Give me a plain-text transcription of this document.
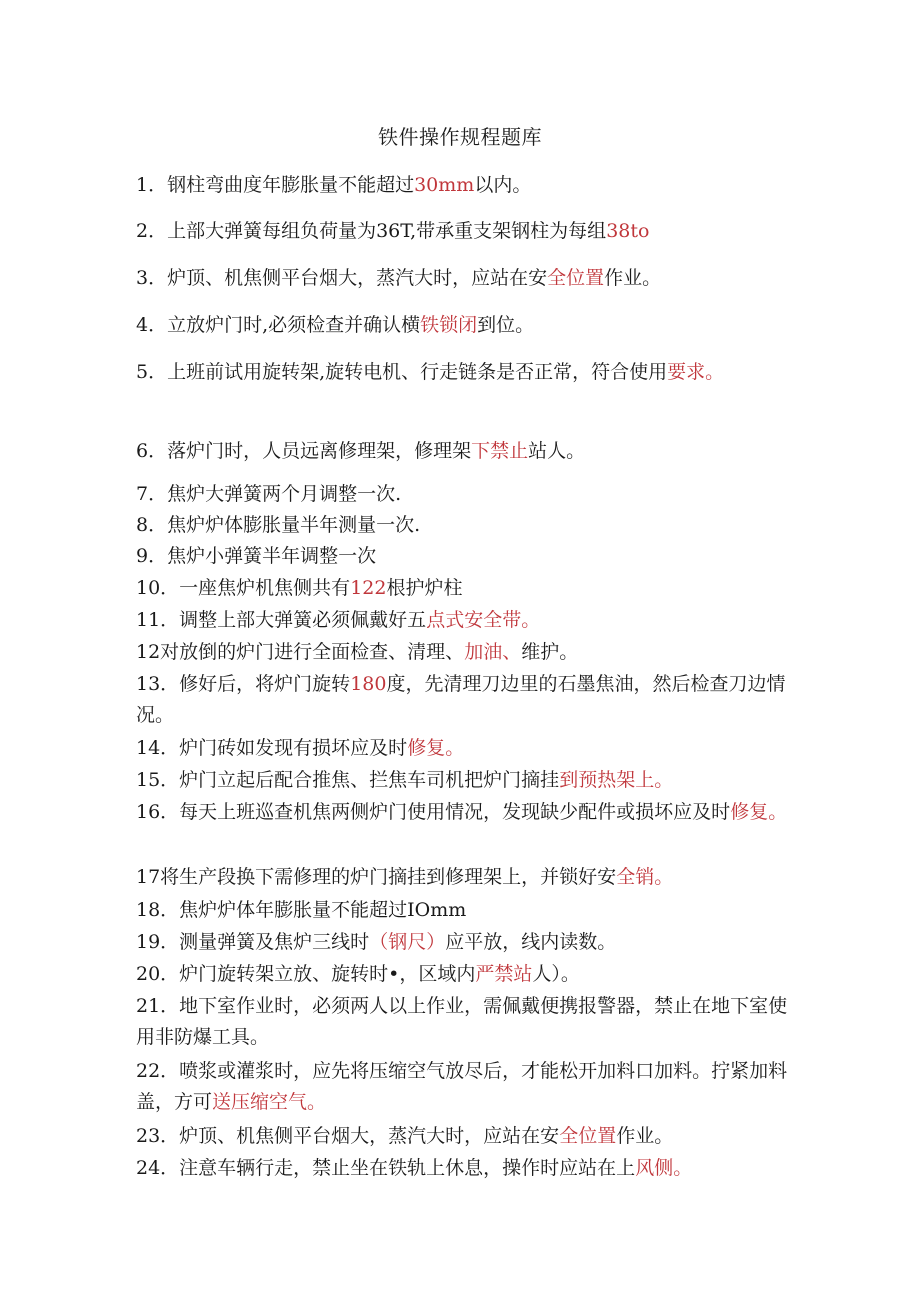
铁件操作规程题库
1．钢柱弯曲度年膨胀量不能超过30mm以内。
2．上部大弹簧每组负荷量为36T,带承重支架钢柱为每组38to
3．炉顶、机焦侧平台烟大，蒸汽大时，应站在安全位置作业。
4．立放炉门时,必须检查并确认横铁锁闭到位。
5．上班前试用旋转架,旋转电机、行走链条是否正常，符合使用要求。
6．落炉门时，人员远离修理架，修理架下禁止站人。
7．焦炉大弹簧两个月调整一次.
8．焦炉炉体膨胀量半年测量一次.
9．焦炉小弹簧半年调整一次
10．一座焦炉机焦侧共有122根护炉柱
11．调整上部大弹簧必须佩戴好五点式安全带。
12对放倒的炉门进行全面检查、清理、加油、维护。
13．修好后，将炉门旋转180度，先清理刀边里的石墨焦油，然后检查刀边情况。
14．炉门砖如发现有损坏应及时修复。
15．炉门立起后配合推焦、拦焦车司机把炉门摘挂到预热架上。
16．每天上班巡查机焦两侧炉门使用情况，发现缺少配件或损坏应及时修复。
17将生产段换下需修理的炉门摘挂到修理架上，并锁好安全销。
18．焦炉炉体年膨胀量不能超过IOmm
19．测量弹簧及焦炉三线时（钢尺）应平放，线内读数。
20．炉门旋转架立放、旋转时•，区域内严禁站人）。
21．地下室作业时，必须两人以上作业，需佩戴便携报警器，禁止在地下室使用非防爆工具。
22．喷浆或灌浆时，应先将压缩空气放尽后，才能松开加料口加料。拧紧加料盖，方可送压缩空气。
23．炉顶、机焦侧平台烟大，蒸汽大时，应站在安全位置作业。
24．注意车辆行走，禁止坐在铁轨上休息，操作时应站在上风侧。
